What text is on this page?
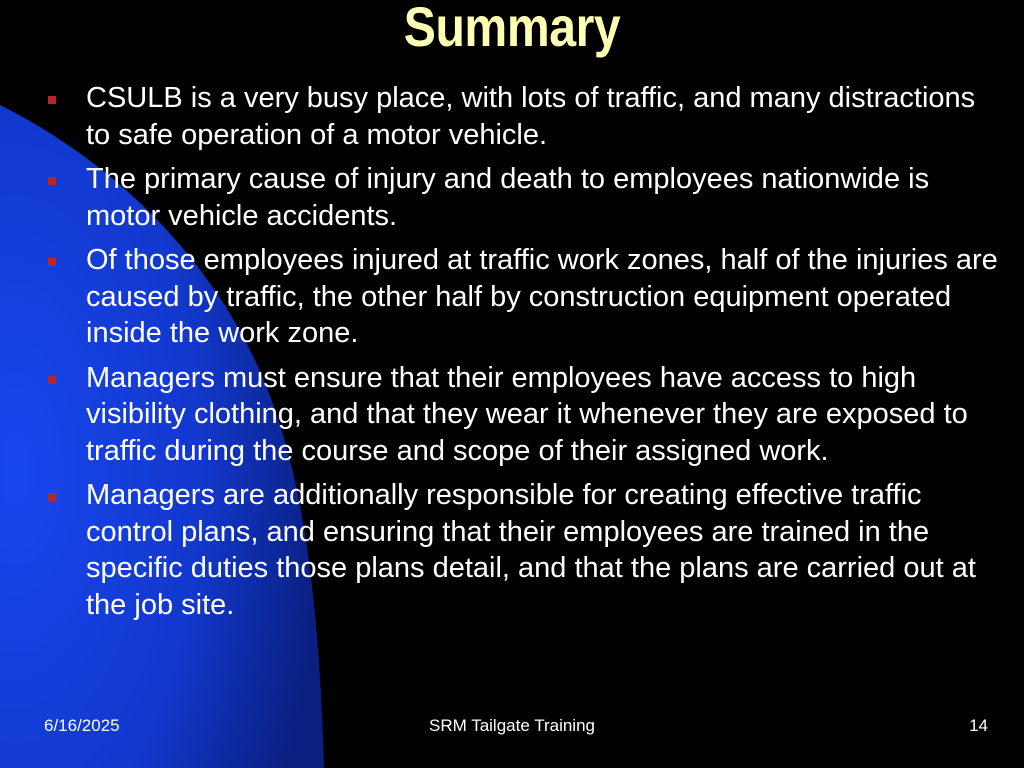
Summary
CSULB is a very busy place, with lots of traffic, and many distractions to safe operation of a motor vehicle.
The primary cause of injury and death to employees nationwide is motor vehicle accidents.
Of those employees injured at traffic work zones, half of the injuries are caused by traffic, the other half by construction equipment operated inside the work zone.
Managers must ensure that their employees have access to high visibility clothing, and that they wear it whenever they are exposed to traffic during the course and scope of their assigned work.
Managers are additionally responsible for creating effective traffic control plans, and ensuring that their employees are trained in the specific duties those plans detail, and that the plans are carried out at the job site.
6/16/2025	SRM Tailgate Training	14
